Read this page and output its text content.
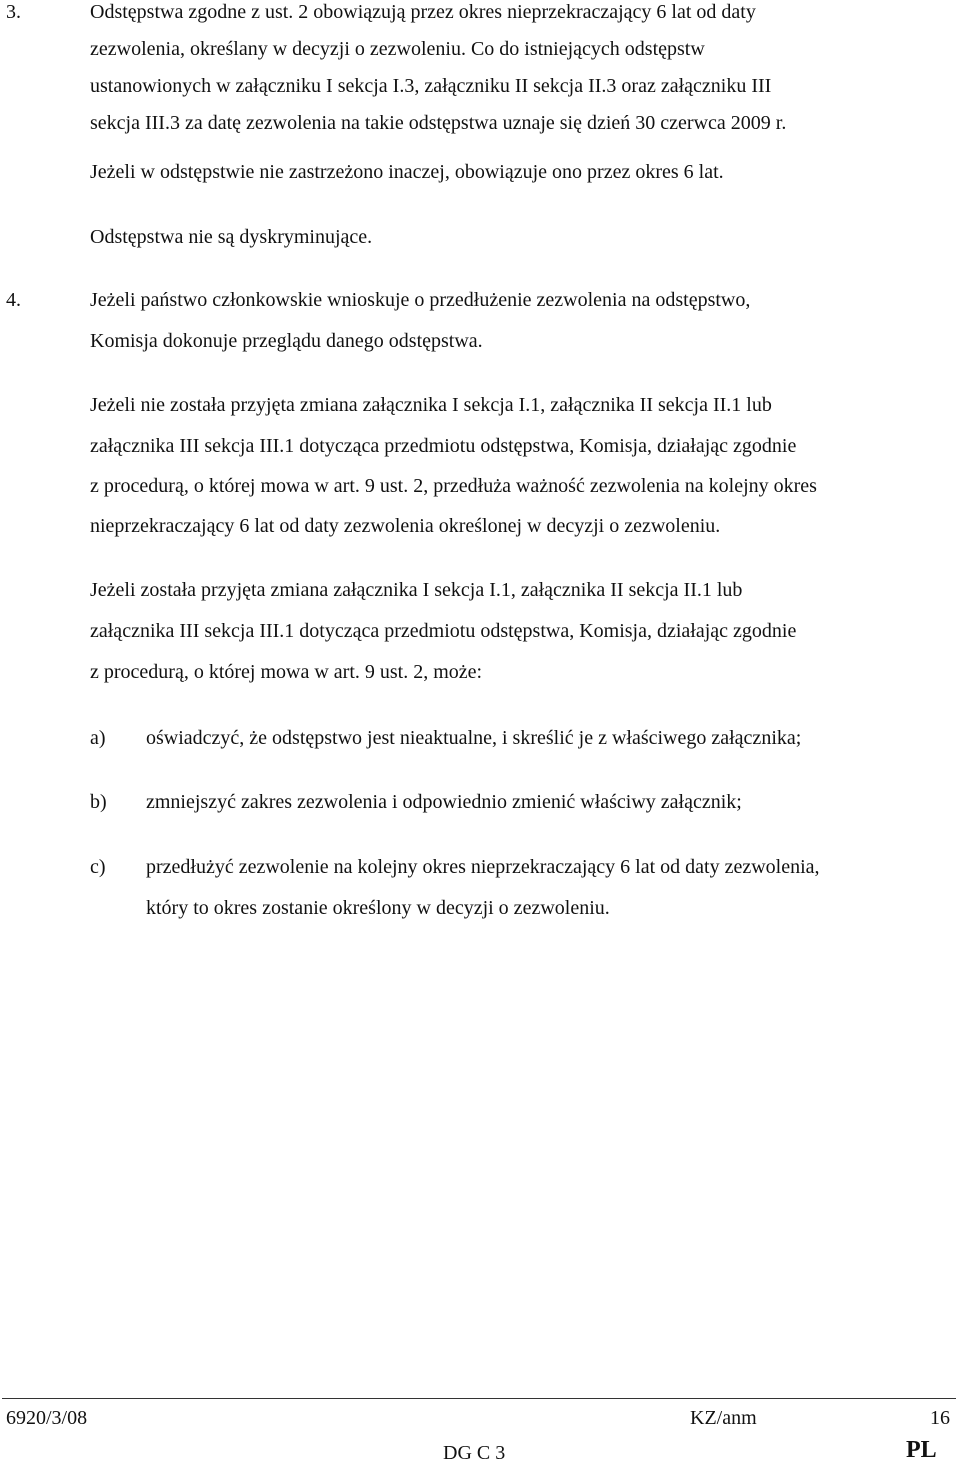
3.	Odstępstwa zgodne z ust. 2 obowiązują przez okres nieprzekraczający 6 lat od daty
zezwolenia, określany w decyzji o zezwoleniu. Co do istniejących odstępstw
ustanowionych w załączniku I sekcja I.3, załączniku II sekcja II.3 oraz załączniku III
sekcja III.3 za datę zezwolenia na takie odstępstwa uznaje się dzień 30 czerwca 2009 r.
Jeżeli w odstępstwie nie zastrzeżono inaczej, obowiązuje ono przez okres 6 lat.
Odstępstwa nie są dyskryminujące.
4.	Jeżeli państwo członkowskie wnioskuje o przedłużenie zezwolenia na odstępstwo,
Komisja dokonuje przeglądu danego odstępstwa.
Jeżeli nie została przyjęta zmiana załącznika I sekcja I.1, załącznika II sekcja II.1 lub
załącznika III sekcja III.1 dotycząca przedmiotu odstępstwa, Komisja, działając zgodnie
z procedurą, o której mowa w art. 9 ust. 2, przedłuża ważność zezwolenia na kolejny okres
nieprzekraczający 6 lat od daty zezwolenia określonej w decyzji o zezwoleniu.
Jeżeli została przyjęta zmiana załącznika I sekcja I.1, załącznika II sekcja II.1 lub
załącznika III sekcja III.1 dotycząca przedmiotu odstępstwa, Komisja, działając zgodnie
z procedurą, o której mowa w art. 9 ust. 2, może:
a) oświadczyć, że odstępstwo jest nieaktualne, i skreślić je z właściwego załącznika;
b) zmniejszyć zakres zezwolenia i odpowiednio zmienić właściwy załącznik;
c) przedłużyć zezwolenie na kolejny okres nieprzekraczający 6 lat od daty zezwolenia,
który to okres zostanie określony w decyzji o zezwoleniu.
6920/3/08	KZ/anm	16
DG C 3	PL
